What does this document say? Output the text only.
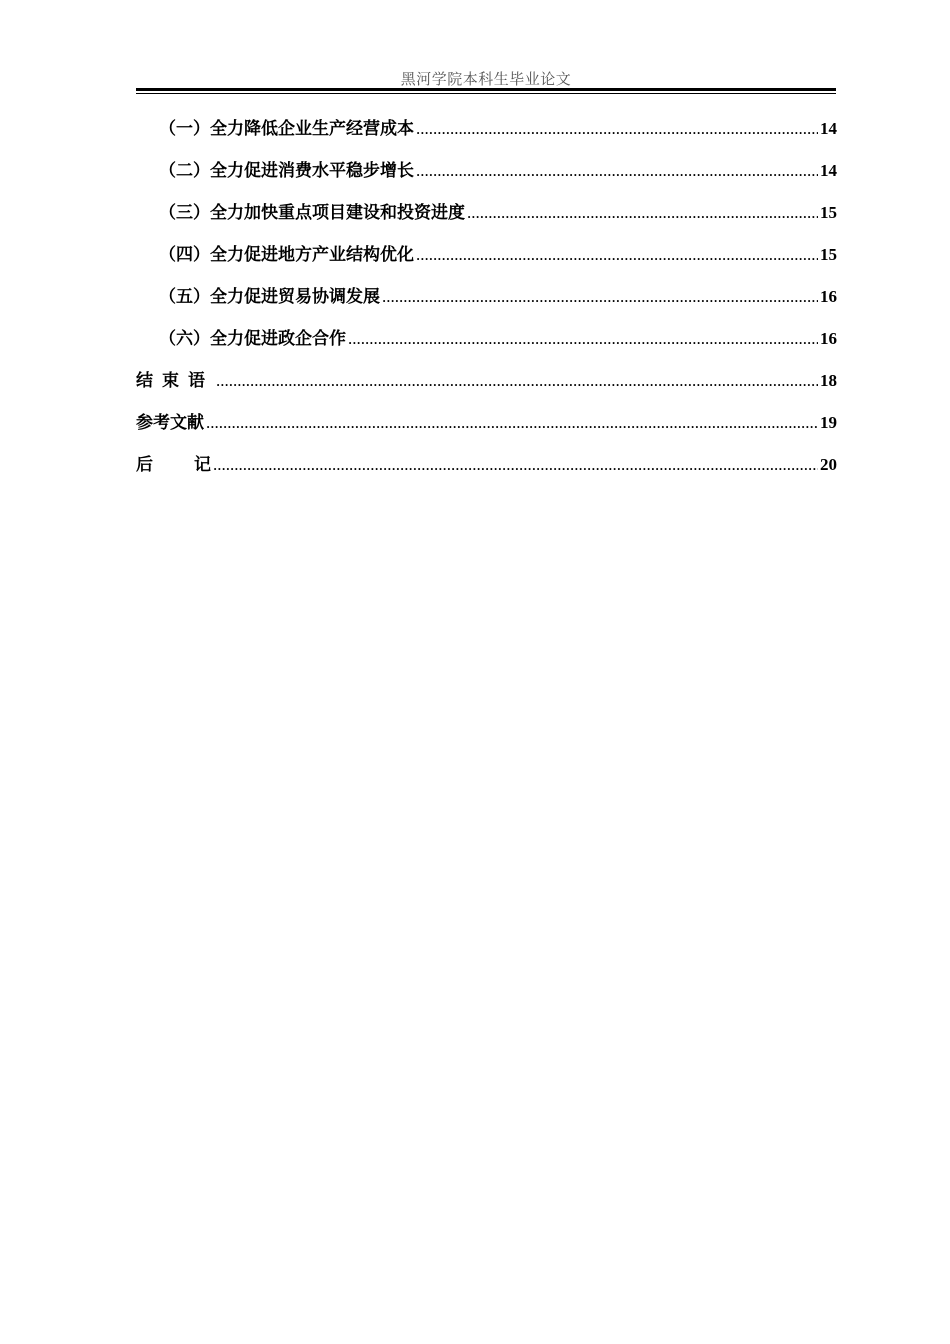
黑河学院本科生毕业论文
（一）全力降低企业生产经营成本 .....	14
（二）全力促进消费水平稳步增长 .....	14
（三）全力加快重点项目建设和投资进度 .....	15
（四）全力促进地方产业结构优化 .....	15
（五）全力促进贸易协调发展 .....	16
（六）全力促进政企合作 .....	16
结束语 .....	18
参考文献 .....	19
后 记 .....	20
